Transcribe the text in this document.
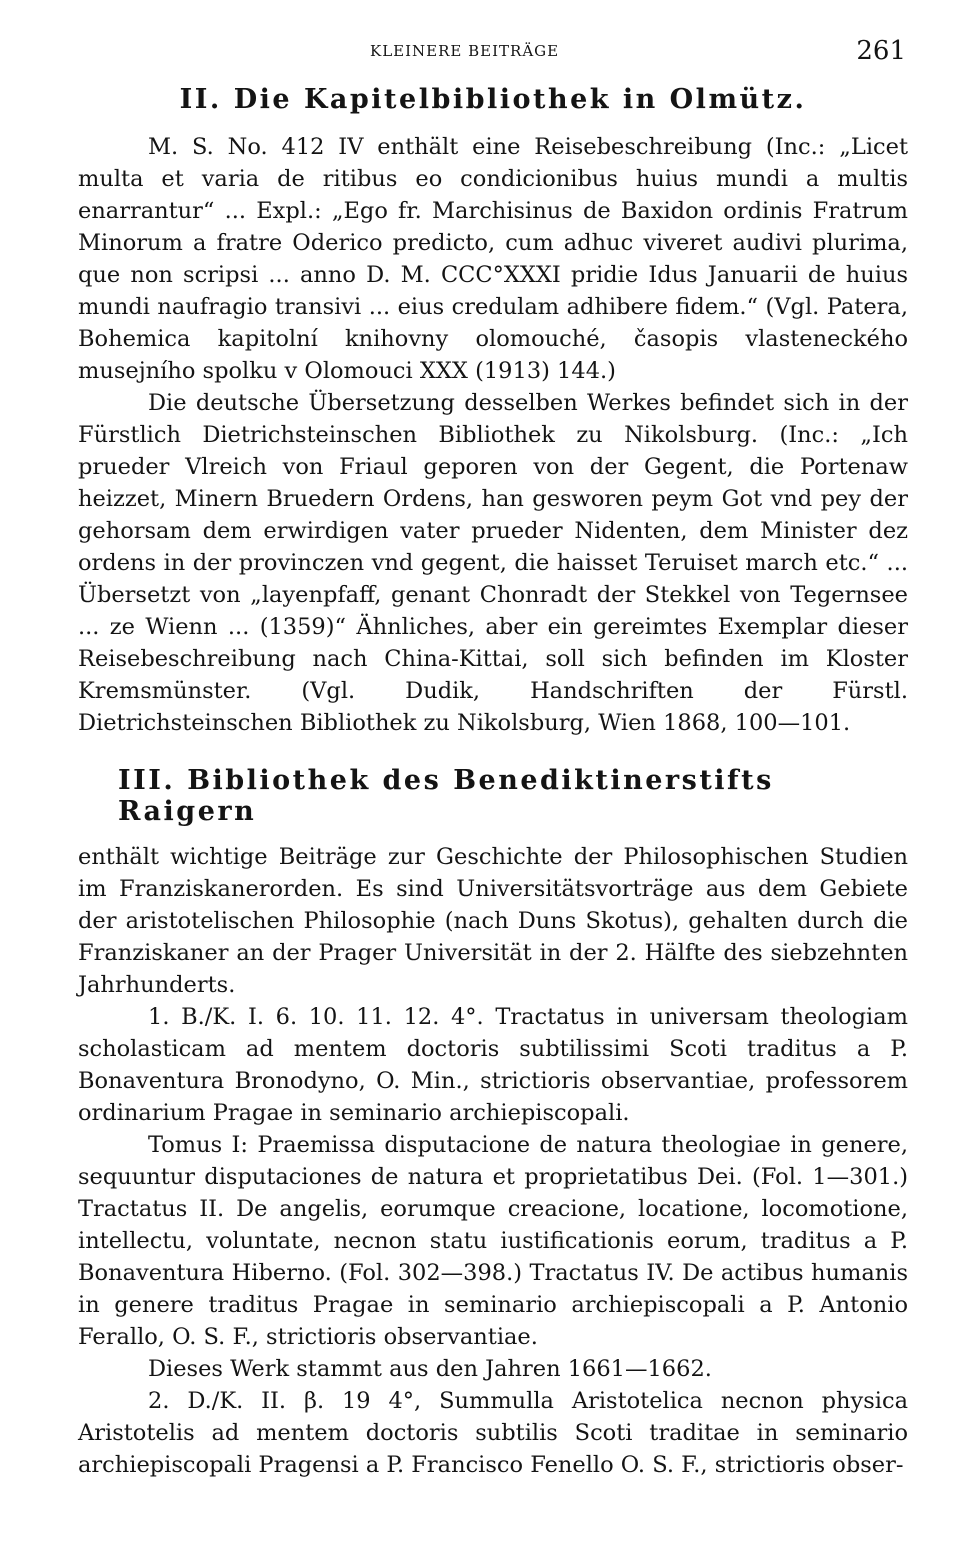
KLEINERE BEITRÄGE	261
II. Die Kapitelbibliothek in Olmütz.

M. S. No. 412 IV enthält eine Reisebeschreibung (Inc.: „Licet multa et varia de ritibus eo condicionibus huius mundi a multis enarrantur“ ... Expl.: „Ego fr. Marchisinus de Baxidon ordinis Fratrum Minorum a fratre Oderico predicto, cum adhuc viveret audivi plurima, que non scripsi ... anno D. M. CCC°XXXI pridie Idus Januarii de huius mundi naufragio transivi ... eius credulam adhibere fidem.“ (Vgl. Patera, Bohemica kapitolní knihovny olomouché, časopis vlasteneckého musejního spolku v Olomouci XXX (1913) 144.)

Die deutsche Übersetzung desselben Werkes befindet sich in der Fürstlich Dietrichsteinschen Bibliothek zu Nikolsburg. (Inc.: „Ich prueder Vlreich von Friaul geporen von der Gegent, die Portenaw heizzet, Minern Bruedern Ordens, han gesworen peym Got vnd pey der gehorsam dem erwirdigen vater prueder Nidenten, dem Minister dez ordens in der provinczen vnd gegent, die haisset Teruiset march etc.“ ... Übersetzt von „layenpfaff, genant Chonradt der Stekkel von Tegernsee ... ze Wienn ... (1359)“ Ähnliches, aber ein gereimtes Exemplar dieser Reisebeschreibung nach China-Kittai, soll sich befinden im Kloster Kremsmünster. (Vgl. Dudik, Handschriften der Fürstl. Dietrichsteinschen Bibliothek zu Nikolsburg, Wien 1868, 100—101.

III. Bibliothek des Benediktinerstifts Raigern

enthält wichtige Beiträge zur Geschichte der Philosophischen Studien im Franziskanerorden. Es sind Universitätsvorträge aus dem Gebiete der aristotelischen Philosophie (nach Duns Skotus), gehalten durch die Franziskaner an der Prager Universität in der 2. Hälfte des siebzehnten Jahrhunderts.

1. B./K. I. 6. 10. 11. 12. 4°. Tractatus in universam theologiam scholasticam ad mentem doctoris subtilissimi Scoti traditus a P. Bonaventura Bronodyno, O. Min., strictioris observantiae, professorem ordinarium Pragae in seminario archiepiscopali.

Tomus I: Praemissa disputacione de natura theologiae in genere, sequuntur disputaciones de natura et proprietatibus Dei. (Fol. 1—301.) Tractatus II. De angelis, eorumque creacione, locatione, locomotione, intellectu, voluntate, necnon statu iustificationis eorum, traditus a P. Bonaventura Hiberno. (Fol. 302—398.) Tractatus IV. De actibus humanis in genere traditus Pragae in seminario archiepiscopali a P. Antonio Ferallo, O. S. F., strictioris observantiae.

Dieses Werk stammt aus den Jahren 1661—1662.

2. D./K. II. β. 19 4°, Summulla Aristotelica necnon physica Aristotelis ad mentem doctoris subtilis Scoti traditae in seminario archiepiscopali Pragensi a P. Francisco Fenello O. S. F., strictioris obser-
